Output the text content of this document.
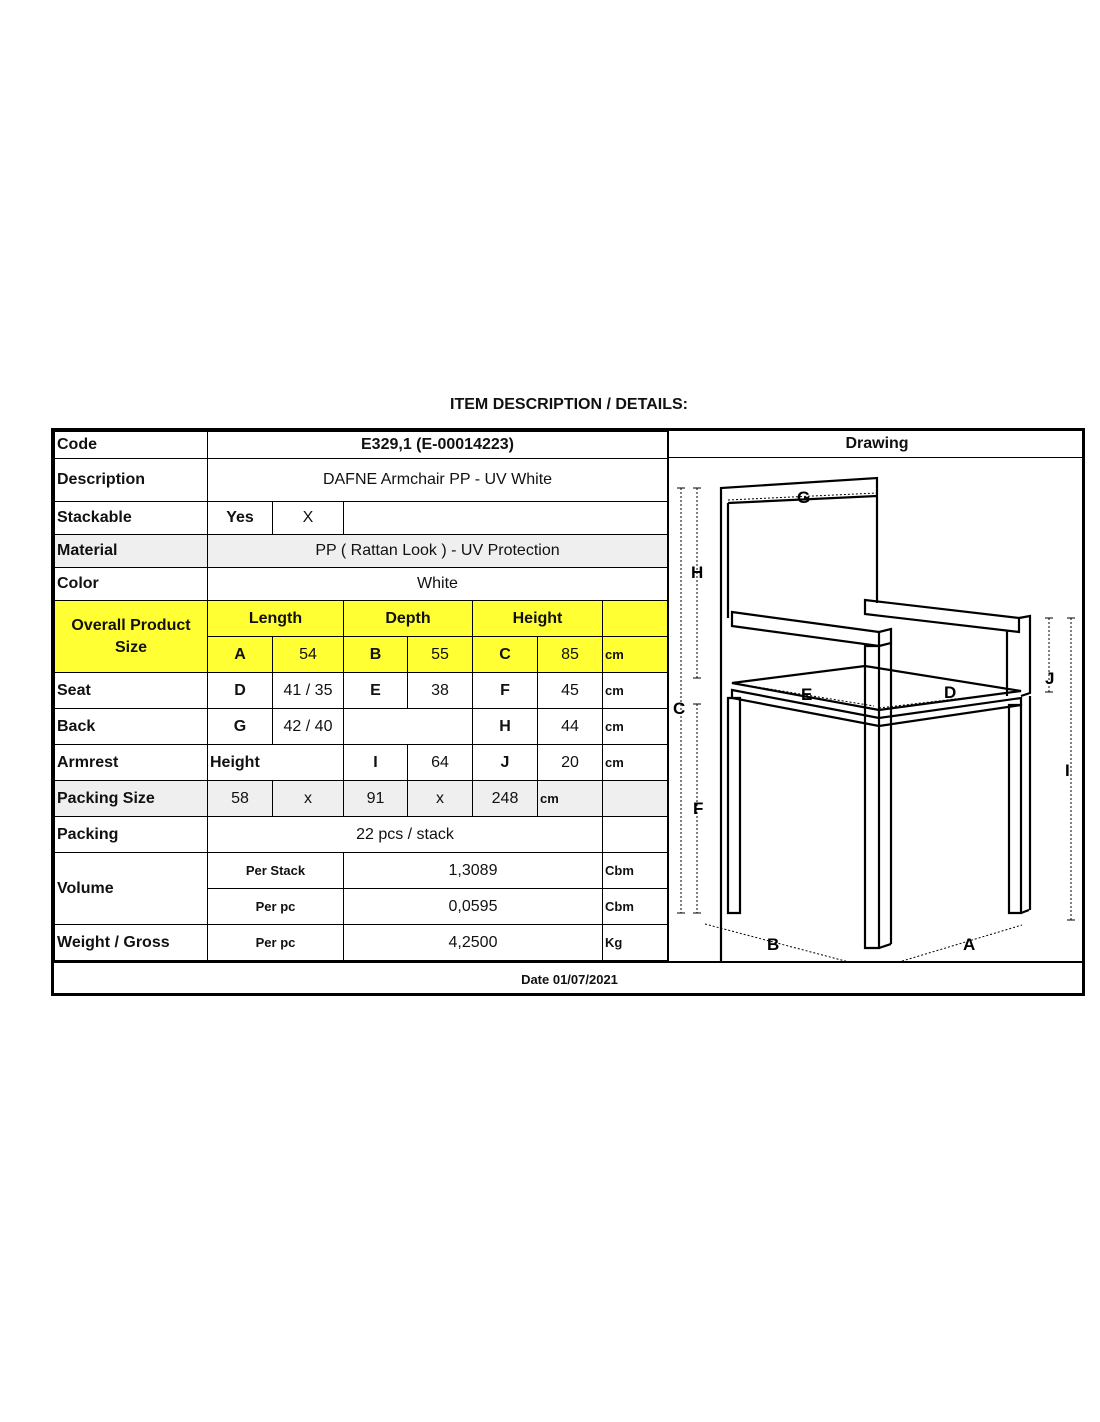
ITEM DESCRIPTION / DETAILS:
Code	E329,1 (E-00014223)						
Description	DAFNE Armchair PP - UV White						
Stackable	Yes	X					
Material	PP ( Rattan Look ) - UV Protection						
Color	White						
Overall Product Size	Length		Depth		Height		
	A	54	B	55	C	85	cm
Seat	D	41 / 35	E	38	F	45	cm
Back	G	42 / 40			H	44	cm
Armrest	Height		I	64	J	20	cm
Packing Size	58	x	91	x	248	cm	
Packing	22 pcs / stack						
Volume	Per Stack		1,3089				Cbm
	Per pc		0,0595				Cbm
Weight / Gross	Per pc		4,2500				Kg
Drawing
G
H
C
F
E	D
J
I
B	A
Date 01/07/2021
